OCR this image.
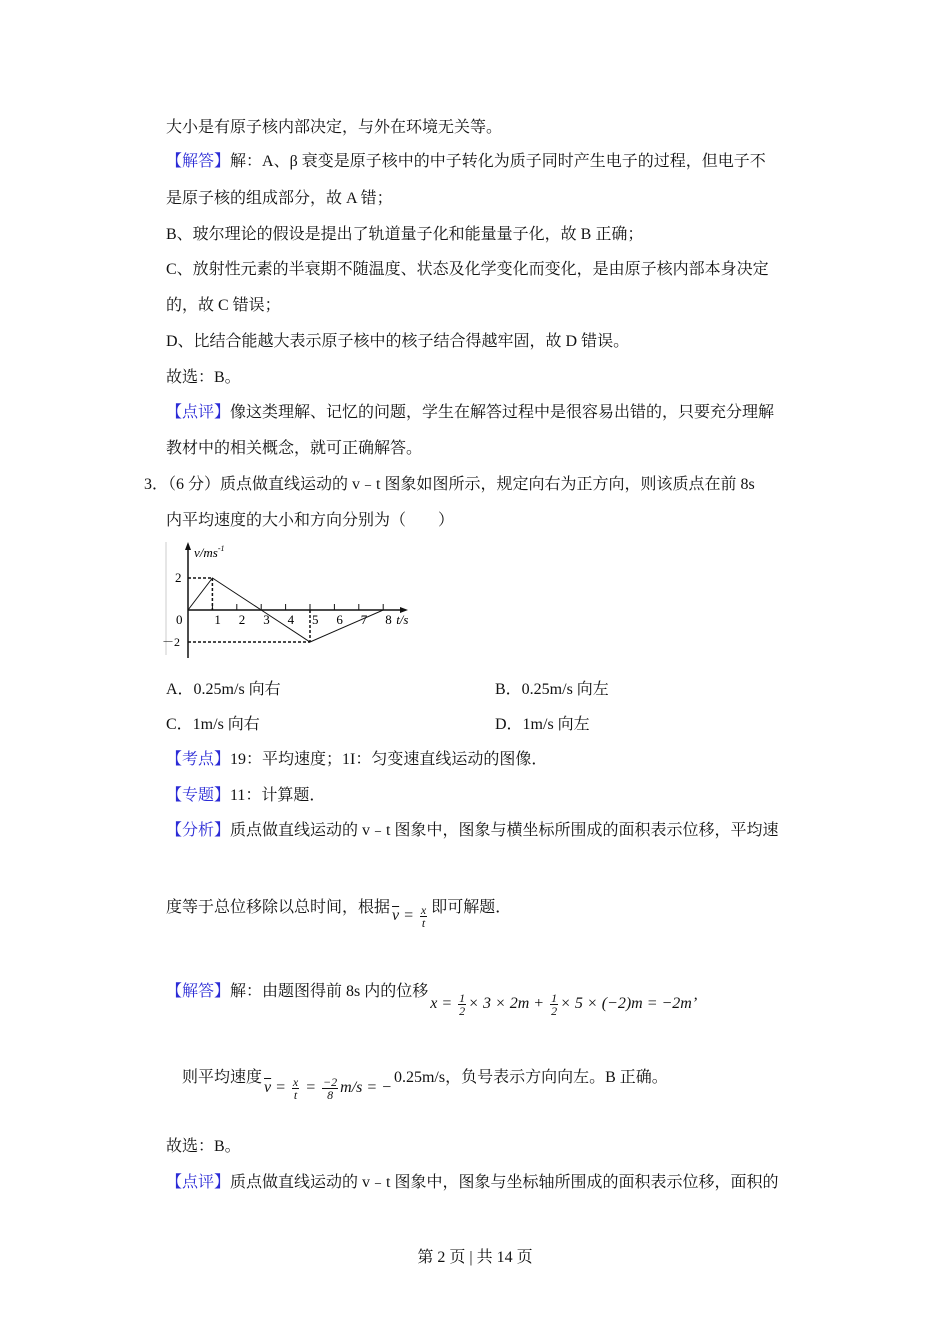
大小是有原子核内部决定，与外在环境无关等。
【解答】解：A、β 衰变是原子核中的中子转化为质子同时产生电子的过程，但电子不
是原子核的组成部分，故 A 错；
B、玻尔理论的假设是提出了轨道量子化和能量量子化，故 B 正确；
C、放射性元素的半衰期不随温度、状态及化学变化而变化，是由原子核内部本身决定
的，故 C 错误；
D、比结合能越大表示原子核中的核子结合得越牢固，故 D 错误。
故选：B。
【点评】像这类理解、记忆的问题，学生在解答过程中是很容易出错的，只要充分理解
教材中的相关概念，就可正确解答。
3．（6 分）质点做直线运动的 v﹣t 图象如图所示，规定向右为正方向，则该质点在前 8s
内平均速度的大小和方向分别为（　　）
$v/ms^{-1}$
0	t/s
2
－2
1 2 3 4 5 6 7 8
A．0.25m/s 向右	B．0.25m/s 向左
C．1m/s 向右	D．1m/s 向左
【考点】19：平均速度；1I：匀变速直线运动的图像．
【专题】11：计算题．
【分析】质点做直线运动的 v﹣t 图象中，图象与横坐标所围成的面积表示位移，平均速
度等于总位移除以总时间，根据 $\overline{v} = \frac{x}{t}$ 即可解题．
【解答】解：由题图得前 8s 内的位移$x = \frac{1}{2} \times 3 \times 2m + \frac{1}{2} \times 5 \times (-2)m = -2m$’
则平均速度$\overline{v} = \frac{x}{t} = \frac{-2}{8} m/s = -0.25m/s$，负号表示方向向左。B 正确。
故选：B。
【点评】质点做直线运动的 v﹣t 图象中，图象与坐标轴所围成的面积表示位移，面积的
第 2 页 | 共 14 页
